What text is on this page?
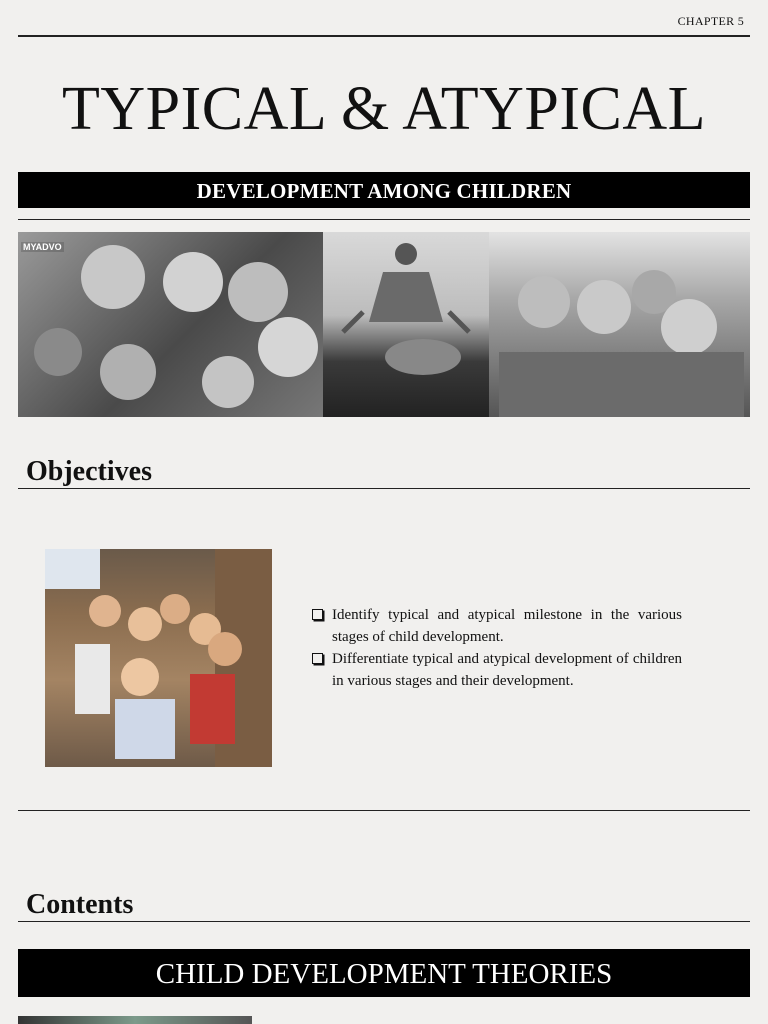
CHAPTER 5
TYPICAL & ATYPICAL
DEVELOPMENT AMONG CHILDREN
MYADVO
Objectives
Identify typical and atypical milestone in the various stages of child development.
Differentiate typical and atypical development of children in various stages and their development.
Contents
CHILD DEVELOPMENT THEORIES
